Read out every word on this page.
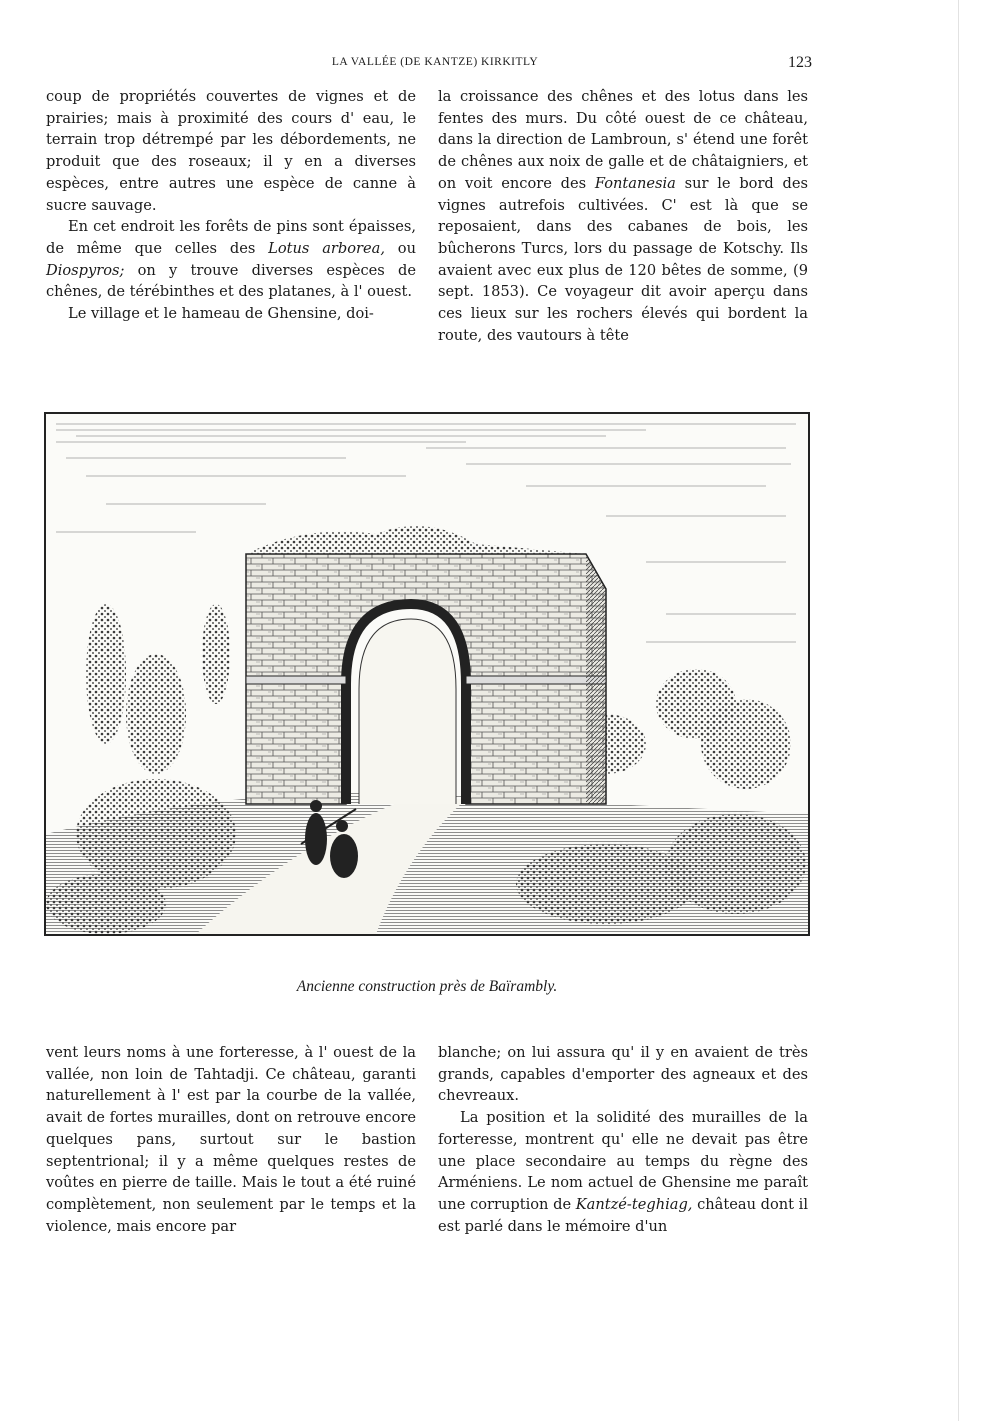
LA VALLÉE (DE KANTZE) KIRKITLY	123

coup de propriétés couvertes de vignes et de prairies; mais à proximité des cours d' eau, le terrain trop détrempé par les débordements, ne produit que des roseaux; il y en a diverses espèces, entre autres une espèce de canne à sucre sauvage.

En cet endroit les forêts de pins sont épaisses, de même que celles des Lotus arborea, ou Diospyros; on y trouve diverses espèces de chênes, de térébinthes et des platanes, à l' ouest.

Le village et le hameau de Ghensine, doi-

la croissance des chênes et des lotus dans les fentes des murs. Du côté ouest de ce château, dans la direction de Lambroun, s' étend une forêt de chênes aux noix de galle et de châtaigniers, et on voit encore des Fontanesia sur le bord des vignes autrefois cultivées. C' est là que se reposaient, dans des cabanes de bois, les bûcherons Turcs, lors du passage de Kotschy. Ils avaient avec eux plus de 120 bêtes de somme, (9 sept. 1853). Ce voyageur dit avoir aperçu dans ces lieux sur les rochers élevés qui bordent la route, des vautours à tête

Ancienne construction près de Baïrambly.

vent leurs noms à une forteresse, à l' ouest de la vallée, non loin de Tahtadji. Ce château, garanti naturellement à l' est par la courbe de la vallée, avait de fortes murailles, dont on retrouve encore quelques pans, surtout sur le bastion septentrional; il y a même quelques restes de voûtes en pierre de taille. Mais le tout a été ruiné complètement, non seulement par le temps et la violence, mais encore par

blanche; on lui assura qu' il y en avaient de très grands, capables d'emporter des agneaux et des chevreaux.

La position et la solidité des murailles de la forteresse, montrent qu' elle ne devait pas être une place secondaire au temps du règne des Arméniens. Le nom actuel de Ghensine me paraît une corruption de Kantzé-teghiag, château dont il est parlé dans le mémoire d'un
